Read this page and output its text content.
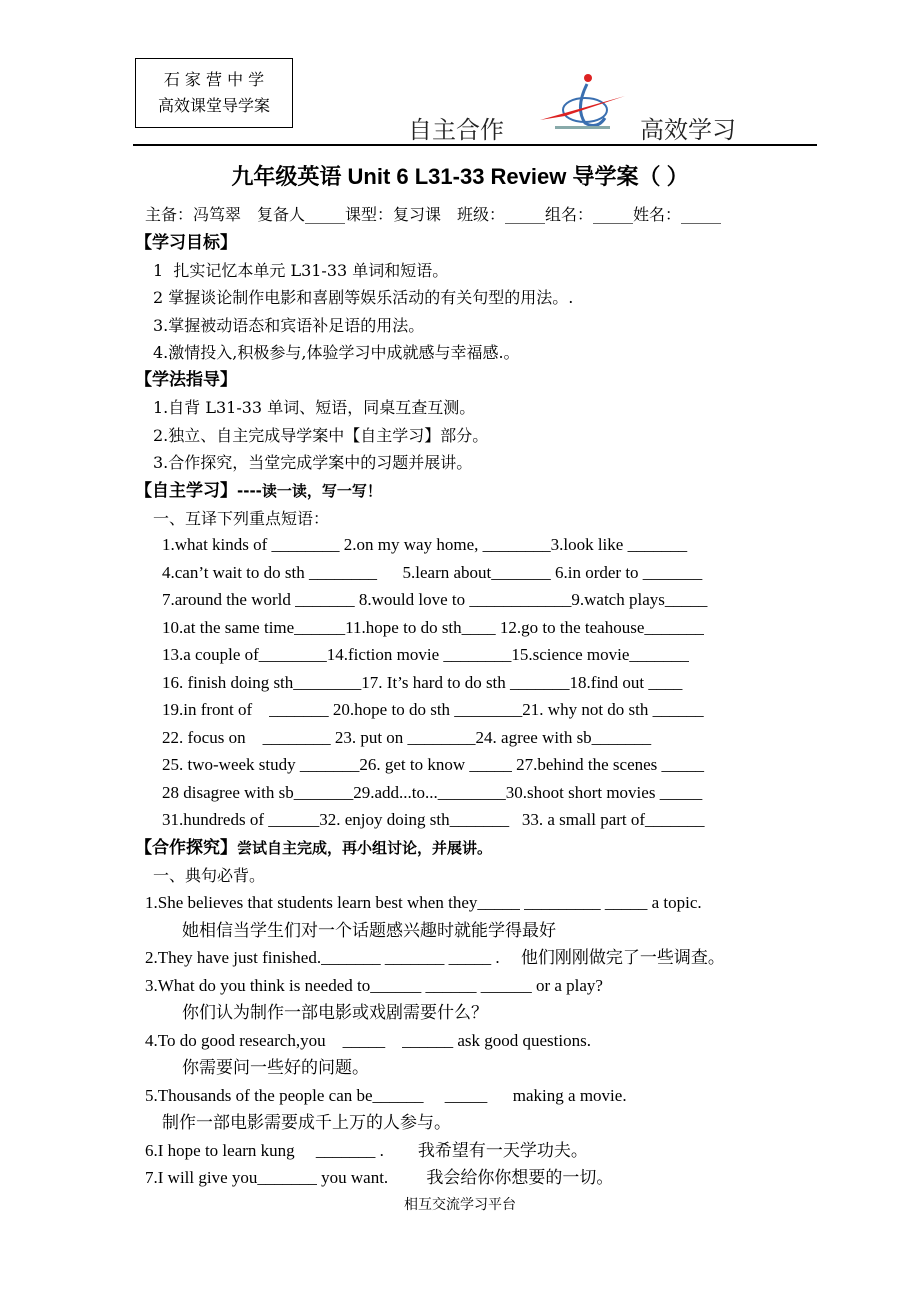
石 家 营 中 学
高效课堂导学案
自主合作	高效学习
九年级英语 Unit 6 L31-33 Review 导学案（ ）
主备：冯笃翠　复备人_____课型：复习课　班级：_____组名：_____姓名：_____
【学习目标】
1  扎实记忆本单元 L31-33 单词和短语。
2 掌握谈论制作电影和喜剧等娱乐活动的有关句型的用法。.
3.掌握被动语态和宾语补足语的用法。
4.激情投入,积极参与,体验学习中成就感与幸福感.。
【学法指导】
1.自背 L31-33 单词、短语，同桌互查互测。
2.独立、自主完成导学案中【自主学习】部分。
3.合作探究，当堂完成学案中的习题并展讲。
【自主学习】----读一读，写一写！
一、互译下列重点短语：
1.what kinds of ________ 2.on my way home, ________3.look like _______
4.can’t wait to do sth ________      5.learn about_______ 6.in order to _______
7.around the world _______ 8.would love to ____________9.watch plays_____
10.at the same time______11.hope to do sth____ 12.go to the teahouse_______
13.a couple of________14.fiction movie ________15.science movie_______
16. finish doing sth________17. It’s hard to do sth _______18.find out ____
19.in front of    _______ 20.hope to do sth ________21. why not do sth ______
22. focus on    ________ 23. put on ________24. agree with sb_______
25. two-week study _______26. get to know _____ 27.behind the scenes _____
28 disagree with sb_______29.add...to...________30.shoot short movies _____
31.hundreds of ______32. enjoy doing sth_______   33. a small part of_______
【合作探究】尝试自主完成，再小组讨论，并展讲。
一、典句必背。
1.She believes that students learn best when they_____ _________ _____ a topic.
她相信当学生们对一个话题感兴趣时就能学得最好
2.They have just finished._______ _______ _____ .     他们刚刚做完了一些调查。
3.What do you think is needed to______ ______ ______ or a play?
你们认为制作一部电影或戏剧需要什么？
4.To do good research,you    _____    ______ ask good questions.
你需要问一些好的问题。
5.Thousands of the people can be______     _____      making a movie.
制作一部电影需要成千上万的人参与。
6.I hope to learn kung     _______ .        我希望有一天学功夫。
7.I will give you_______ you want.         我会给你你想要的一切。
相互交流学习平台
